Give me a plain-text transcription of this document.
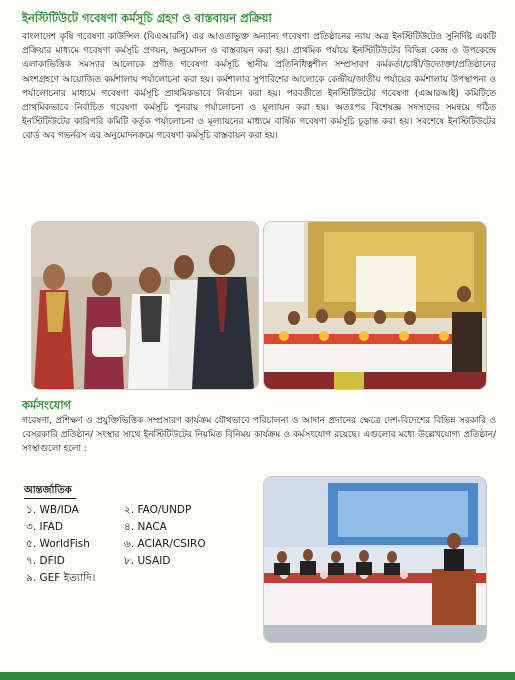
ইনস্টিটিউটে গবেষণা কর্মসূচি গ্রহণ ও বাস্তবায়ন প্রক্রিয়া
বাংলাদেশ কৃষি গবেষণা কাউন্সিল (বিএআরসি) এর আওতাভুক্ত অন্যান্য গবেষণা প্রতিষ্ঠানের ন্যায় অত্র ইনস্টিটিউটেও সুনির্দিষ্ট একটি প্রক্রিয়ার মাধ্যমে গবেষণা কর্মসূচি প্রণয়ন, অনুমোদন ও বাস্তবায়ন করা হয়। প্রাথমিক পর্যায়ে ইনস্টিটিউটের বিভিন্ন কেন্দ্র ও উপকেন্দ্রে এলাকাভিত্তিক সমস্যার আলোকে প্রণীত গবেষণা কর্মসূচি স্থানীয় প্রতিনিধিত্বশীল সম্প্রসারণ কর্মকর্তা/চাষী/উদ্যোক্তা/প্রতিষ্ঠানের অংশগ্রহণে আয়োজিত কর্মশালায় পর্যালোচনা করা হয়। কর্মশালার সুপারিশের আলোকে কেন্দ্রীয়/জাতীয় পর্যায়ের কর্মশালায় উপস্থাপনা ও পর্যালোচনার মাধ্যমে গবেষণা কর্মসূচি প্রাথমিকভাবে নির্বাচন করা হয়। পরবর্তীতে ইনস্টিটিউটের গবেষণা (এআরআই) কমিটিতে প্রাথমিকভাবে নির্বাচিত গবেষণা কর্মসূচি পুনরায় পর্যালোচনা ও মূল্যায়ন করা হয়। অতঃপর বিশেষজ্ঞ সদস্যদের সমন্বয়ে গঠিত ইনস্টিটিউটের কারিগরি কমিটি কর্তৃক পর্যালোচনা ও মূল্যায়নের মাধ্যমে বার্ষিক গবেষণা কর্মসূচি চূড়ান্ত করা হয়। সবশেষে ইনস্টিটিউটের বোর্ড অব গভর্নরস এর অনুমোদনক্রমে গবেষণা কর্মসূচি বাস্তবায়ন করা হয়।
কর্মসংযোগ
গবেষণা, প্রশিক্ষণ ও প্রযুক্তিভিত্তিক সম্প্রসারণ কার্যক্রম যৌথভাবে পরিচালনা ও আদান প্রদানের ক্ষেত্রে দেশ-বিদেশের বিভিন্ন সরকারি ও বেসরকারি প্রতিষ্ঠান/ সংস্থার সাথে ইনস্টিটিউটের নিয়মিত বিনিময় কার্যক্রম ও কর্মসংযোগ রয়েছে। এগুলোর মধ্যে উল্লেখযোগ্য প্রতিষ্ঠান/ সংস্থাগুলো হলো :
আন্তর্জাতিক
১. WB/IDA	২. FAO/UNDP
৩. IFAD	৪. NACA
৫. WorldFish	৬. ACIAR/CSIRO
৭. DFID	৮. USAID
৯. GEF ইত্যাদি।
